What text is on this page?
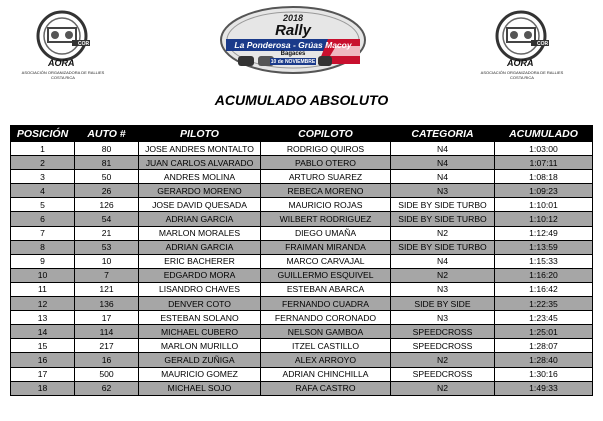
COR
AORA
ASOCIACIÓN ORGANIZADORA DE RALLIES
COSTA RICA
2018
Rally
La Ponderosa - Grúas Macoy
Bagaces
10 de NOVIEMBRE
COR
AORA
ASOCIACIÓN ORGANIZADORA DE RALLIES
COSTA RICA
ACUMULADO ABSOLUTO
POSICIÓN	AUTO #	PILOTO	COPILOTO	CATEGORIA	ACUMULADO
1	80	JOSE ANDRES MONTALTO	RODRIGO QUIROS	N4	1:03:00
2	81	JUAN CARLOS ALVARADO	PABLO OTERO	N4	1:07:11
3	50	ANDRES MOLINA	ARTURO SUAREZ	N4	1:08:18
4	26	GERARDO MORENO	REBECA MORENO	N3	1:09:23
5	126	JOSE DAVID QUESADA	MAURICIO ROJAS	SIDE BY SIDE TURBO	1:10:01
6	54	ADRIAN GARCIA	WILBERT RODRIGUEZ	SIDE BY SIDE TURBO	1:10:12
7	21	MARLON MORALES	DIEGO UMAÑA	N2	1:12:49
8	53	ADRIAN GARCIA	FRAIMAN MIRANDA	SIDE BY SIDE TURBO	1:13:59
9	10	ERIC BACHERER	MARCO CARVAJAL	N4	1:15:33
10	7	EDGARDO MORA	GUILLERMO ESQUIVEL	N2	1:16:20
11	121	LISANDRO CHAVES	ESTEBAN ABARCA	N3	1:16:42
12	136	DENVER COTO	FERNANDO CUADRA	SIDE BY SIDE	1:22:35
13	17	ESTEBAN SOLANO	FERNANDO CORONADO	N3	1:23:45
14	114	MICHAEL CUBERO	NELSON GAMBOA	SPEEDCROSS	1:25:01
15	217	MARLON MURILLO	ITZEL CASTILLO	SPEEDCROSS	1:28:07
16	16	GERALD ZUÑIGA	ALEX ARROYO	N2	1:28:40
17	500	MAURICIO GOMEZ	ADRIAN CHINCHILLA	SPEEDCROSS	1:30:16
18	62	MICHAEL SOJO	RAFA CASTRO	N2	1:49:33
